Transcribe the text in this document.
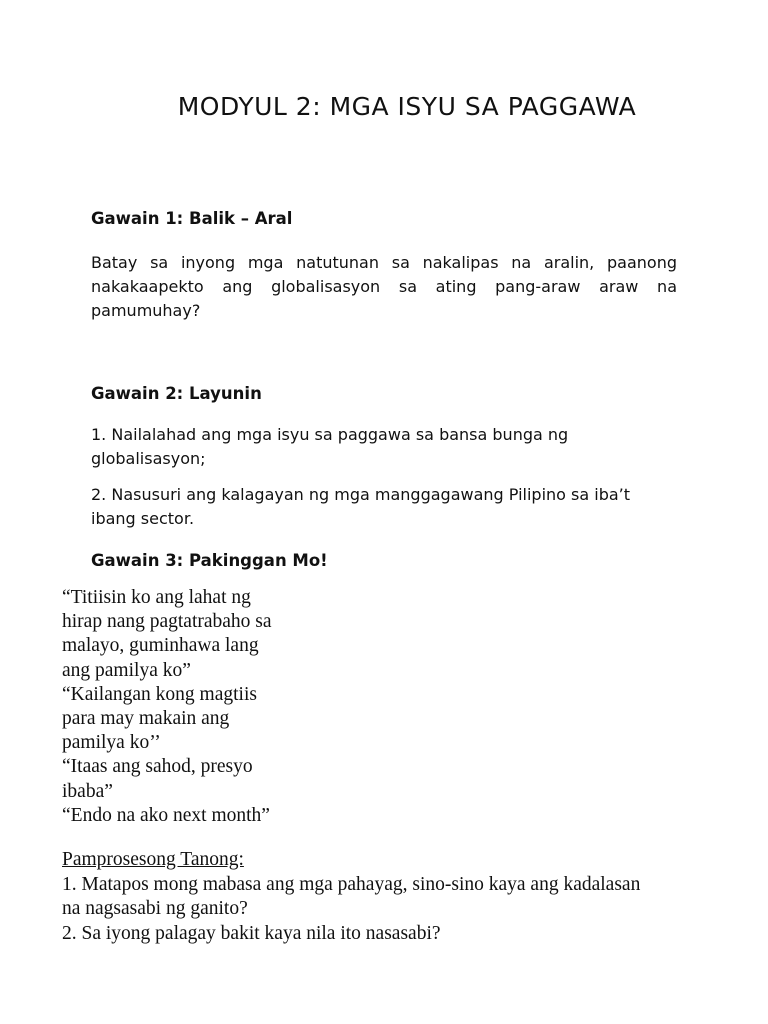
MODYUL 2: MGA ISYU SA PAGGAWA
Gawain 1: Balik – Aral

Batay sa inyong mga natutunan sa nakalipas na aralin, paanong nakakaapekto ang globalisasyon sa ating pang-araw araw na pamumuhay?

Gawain 2: Layunin

1. Nailalahad ang mga isyu sa paggawa sa bansa bunga ng globalisasyon;

2. Nasusuri ang kalagayan ng mga manggagawang Pilipino sa iba’t ibang sector.

Gawain 3: Pakinggan Mo!
“Titiisin ko ang lahat ng
hirap nang pagtatrabaho sa
malayo, guminhawa lang
ang pamilya ko”
“Kailangan kong magtiis
para may makain ang
pamilya ko’’
“Itaas ang sahod, presyo
ibaba”
“Endo na ako next month”
Pamprosesong Tanong:
1. Matapos mong mabasa ang mga pahayag, sino-sino kaya ang kadalasan
na nagsasabi ng ganito?
2. Sa iyong palagay bakit kaya nila ito nasasabi?
